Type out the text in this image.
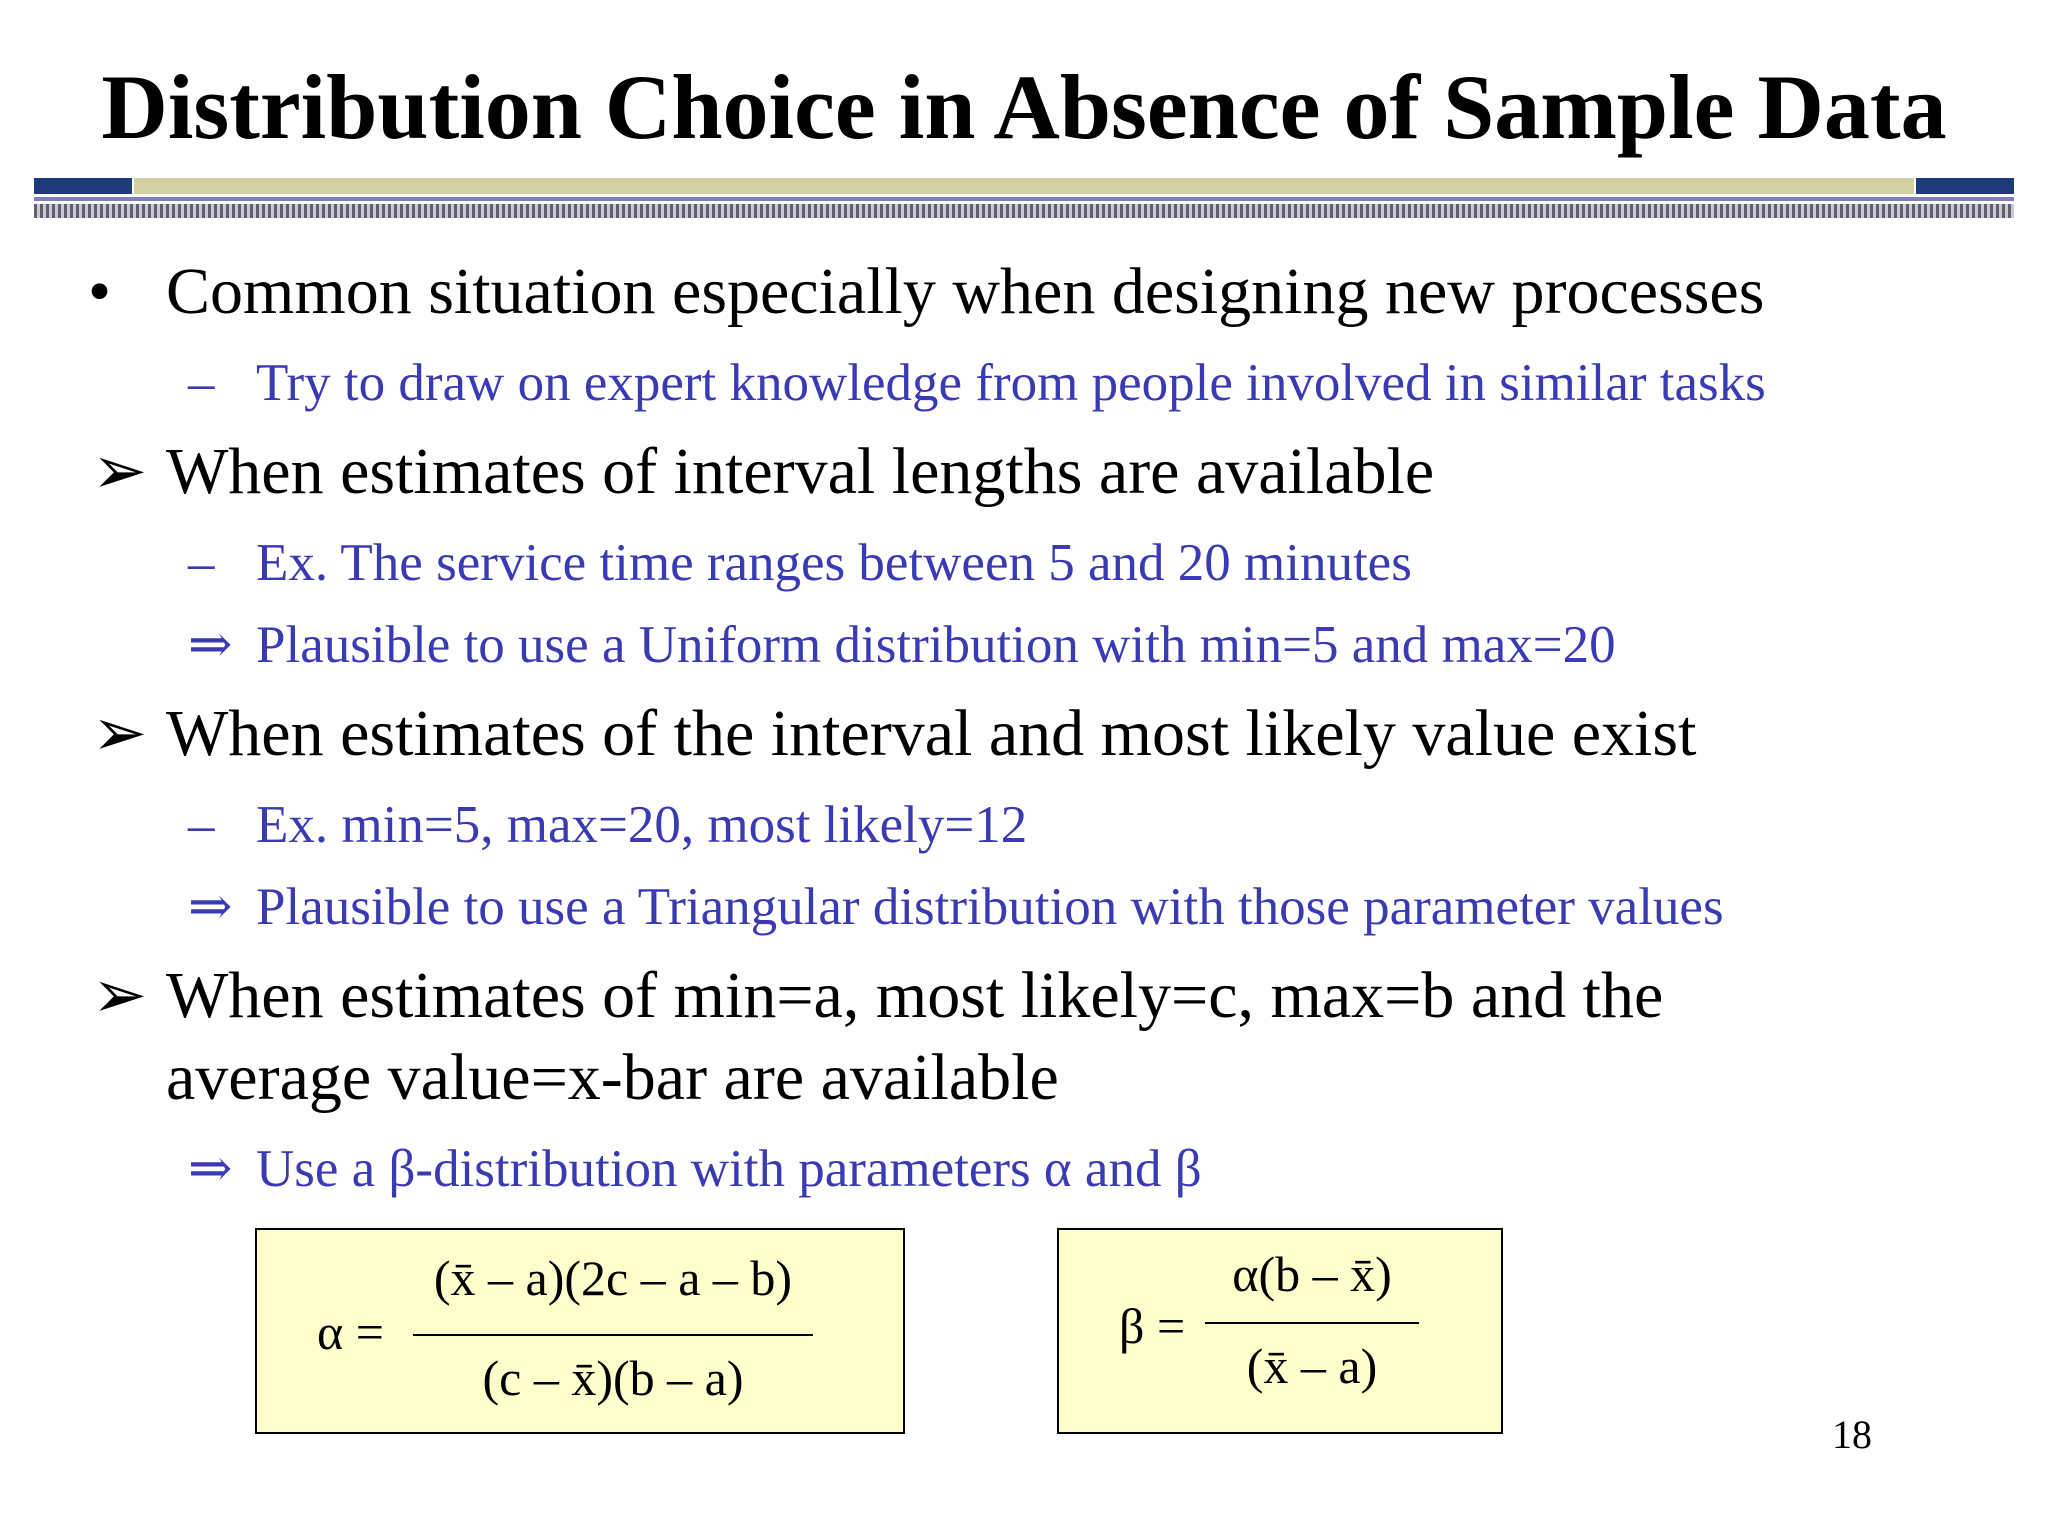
Distribution Choice in Absence of Sample Data
• Common situation especially when designing new processes
– Try to draw on expert knowledge from people involved in similar tasks
➢ When estimates of interval lengths are available
– Ex. The service time ranges between 5 and 20 minutes
⇒ Plausible to use a Uniform distribution with min=5 and max=20
➢ When estimates of the interval and most likely value exist
– Ex. min=5, max=20, most likely=12
⇒ Plausible to use a Triangular distribution with those parameter values
➢ When estimates of min=a, most likely=c, max=b and the
average value=x-bar are available
⇒ Use a β-distribution with parameters α and β
α =
(x̄ – a)(2c – a – b)
(c – x̄)(b – a)
β =
α(b – x̄)
(x̄ – a)
18
